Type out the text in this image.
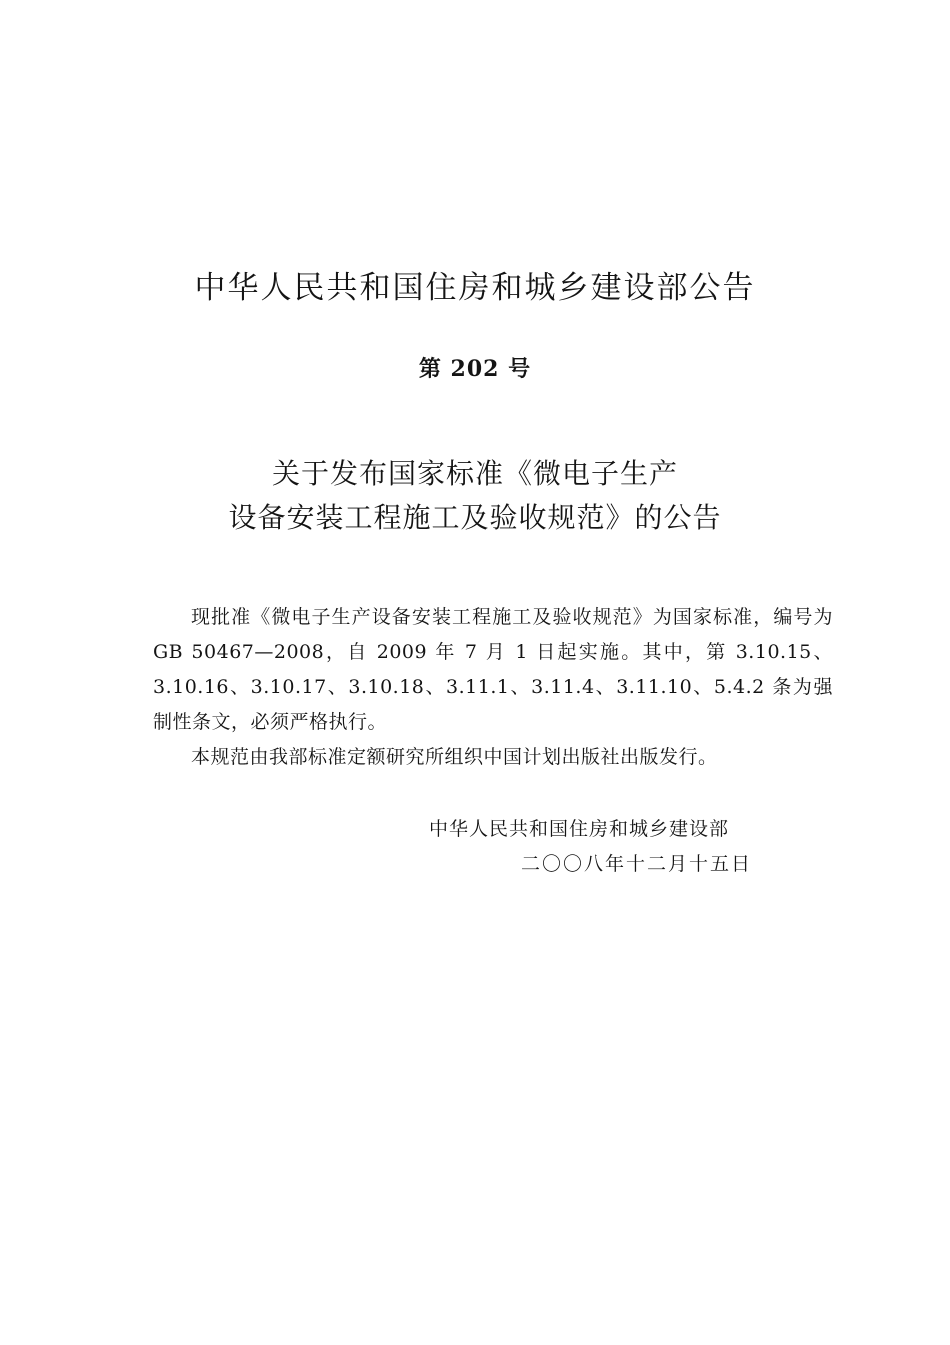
中华人民共和国住房和城乡建设部公告
第 202 号
关于发布国家标准《微电子生产
设备安装工程施工及验收规范》的公告

现批准《微电子生产设备安装工程施工及验收规范》为国家标准，编号为 GB 50467—2008，自 2009 年 7 月 1 日起实施。其中，第 3.10.15、3.10.16、3.10.17、3.10.18、3.11.1、3.11.4、3.11.10、5.4.2 条为强制性条文，必须严格执行。

本规范由我部标准定额研究所组织中国计划出版社出版发行。

中华人民共和国住房和城乡建设部
二〇〇八年十二月十五日
